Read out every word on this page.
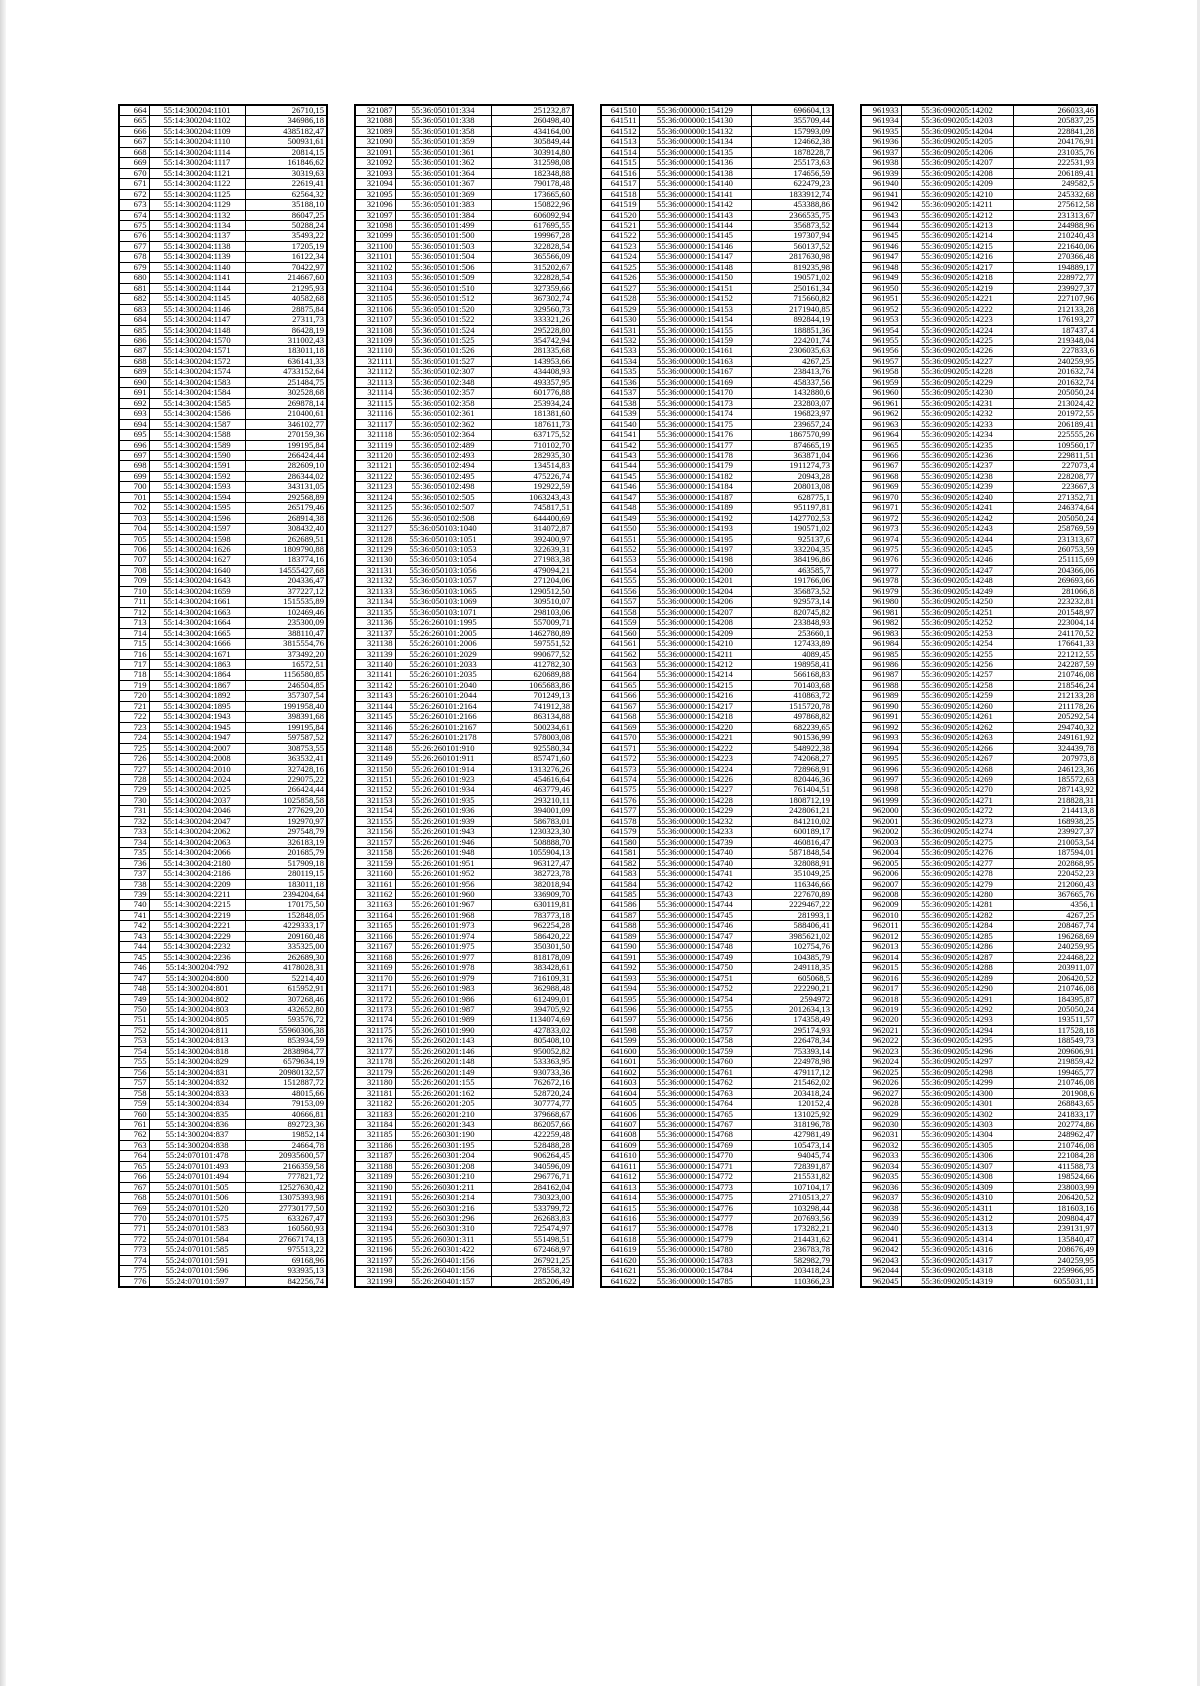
664	55:14:300204:1101	26710,15
665	55:14:300204:1102	346986,18
666	55:14:300204:1109	4385182,47
667	55:14:300204:1110	500931,61
668	55:14:300204:1114	20814,15
669	55:14:300204:1117	161846,62
670	55:14:300204:1121	30319,63
671	55:14:300204:1122	22619,41
672	55:14:300204:1125	62564,32
673	55:14:300204:1129	35188,10
674	55:14:300204:1132	86047,25
675	55:14:300204:1134	50288,24
676	55:14:300204:1137	35493,22
677	55:14:300204:1138	17205,19
678	55:14:300204:1139	16122,34
679	55:14:300204:1140	70422,97
680	55:14:300204:1141	214667,60
681	55:14:300204:1144	21295,93
682	55:14:300204:1145	40582,68
683	55:14:300204:1146	28875,84
684	55:14:300204:1147	27311,73
685	55:14:300204:1148	86428,19
686	55:14:300204:1570	311002,43
687	55:14:300204:1571	183011,18
688	55:14:300204:1572	636141,33
689	55:14:300204:1574	4733152,64
690	55:14:300204:1583	251484,75
691	55:14:300204:1584	302528,68
692	55:14:300204:1585	269878,14
693	55:14:300204:1586	210400,61
694	55:14:300204:1587	346102,77
695	55:14:300204:1588	270159,36
696	55:14:300204:1589	199195,84
697	55:14:300204:1590	266424,44
698	55:14:300204:1591	282609,10
699	55:14:300204:1592	286344,02
700	55:14:300204:1593	343131,05
701	55:14:300204:1594	292568,89
702	55:14:300204:1595	265179,46
703	55:14:300204:1596	268914,38
704	55:14:300204:1597	308432,40
705	55:14:300204:1598	262689,51
706	55:14:300204:1626	1809790,88
707	55:14:300204:1627	183774,16
708	55:14:300204:1640	14555427,68
709	55:14:300204:1643	204336,47
710	55:14:300204:1659	377227,12
711	55:14:300204:1661	1515535,89
712	55:14:300204:1663	102469,46
713	55:14:300204:1664	235300,09
714	55:14:300204:1665	388110,47
715	55:14:300204:1666	3815554,76
716	55:14:300204:1671	373492,20
717	55:14:300204:1863	16572,51
718	55:14:300204:1864	1156580,85
719	55:14:300204:1867	246504,85
720	55:14:300204:1892	357307,54
721	55:14:300204:1895	1991958,40
722	55:14:300204:1943	398391,68
723	55:14:300204:1945	199195,84
724	55:14:300204:1947	597587,52
725	55:14:300204:2007	308753,55
726	55:14:300204:2008	363532,41
727	55:14:300204:2010	327428,16
728	55:14:300204:2024	229075,22
729	55:14:300204:2025	266424,44
730	55:14:300204:2037	1025858,58
731	55:14:300204:2046	277629,20
732	55:14:300204:2047	192970,97
733	55:14:300204:2062	297548,79
734	55:14:300204:2063	326183,19
735	55:14:300204:2066	201685,79
736	55:14:300204:2180	517909,18
737	55:14:300204:2186	280119,15
738	55:14:300204:2209	183011,18
739	55:14:300204:2211	2394204,64
740	55:14:300204:2215	170175,50
741	55:14:300204:2219	152848,05
742	55:14:300204:2221	4229333,17
743	55:14:300204:2229	209160,48
744	55:14:300204:2232	335325,00
745	55:14:300204:2236	262689,30
746	55:14:300204:792	4178028,31
747	55:14:300204:800	52214,40
748	55:14:300204:801	615952,91
749	55:14:300204:802	307268,46
750	55:14:300204:803	432652,80
751	55:14:300204:805	593576,72
752	55:14:300204:811	55960306,38
753	55:14:300204:813	853934,59
754	55:14:300204:818	2838984,77
755	55:14:300204:829	6579634,19
756	55:14:300204:831	20980132,57
757	55:14:300204:832	1512887,72
758	55:14:300204:833	48015,66
759	55:14:300204:834	79153,09
760	55:14:300204:835	40666,81
761	55:14:300204:836	892723,36
762	55:14:300204:837	19852,14
763	55:14:300204:838	24664,78
764	55:24:070101:478	20935600,57
765	55:24:070101:493	2166359,58
766	55:24:070101:494	777821,72
767	55:24:070101:505	12527630,42
768	55:24:070101:506	13075393,98
769	55:24:070101:520	27730177,50
770	55:24:070101:575	633267,47
771	55:24:070101:583	160560,93
772	55:24:070101:584	27667174,13
773	55:24:070101:585	975513,22
774	55:24:070101:591	69168,96
775	55:24:070101:596	933935,13
776	55:24:070101:597	842256,74
321087	55:36:050101:334	251232,87
321088	55:36:050101:338	260498,40
321089	55:36:050101:358	434164,00
321090	55:36:050101:359	305849,44
321091	55:36:050101:361	303914,80
321092	55:36:050101:362	312598,08
321093	55:36:050101:364	182348,88
321094	55:36:050101:367	790178,48
321095	55:36:050101:369	173665,60
321096	55:36:050101:383	150822,96
321097	55:36:050101:384	606092,94
321098	55:36:050101:499	617695,55
321099	55:36:050101:500	199967,28
321100	55:36:050101:503	322828,54
321101	55:36:050101:504	365566,09
321102	55:36:050101:506	315202,67
321103	55:36:050101:509	322828,54
321104	55:36:050101:510	327359,66
321105	55:36:050101:512	367302,74
321106	55:36:050101:520	329560,73
321107	55:36:050101:522	333321,26
321108	55:36:050101:524	295228,80
321109	55:36:050101:525	354742,94
321110	55:36:050101:526	281335,68
321111	55:36:050101:527	143953,66
321112	55:36:050102:307	434408,93
321113	55:36:050102:348	493357,95
321114	55:36:050102:357	601776,88
321115	55:36:050102:358	253934,24
321116	55:36:050102:361	181381,60
321117	55:36:050102:362	187611,73
321118	55:36:050102:364	637175,52
321119	55:36:050102:489	710102,70
321120	55:36:050102:493	282935,30
321121	55:36:050102:494	134514,83
321122	55:36:050102:495	475226,74
321123	55:36:050102:498	192922,59
321124	55:36:050102:505	1063243,43
321125	55:36:050102:507	745817,51
321126	55:36:050102:508	644400,69
321127	55:36:050103:1040	314072,87
321128	55:36:050103:1051	392400,97
321129	55:36:050103:1053	322639,31
321130	55:36:050103:1054	271983,38
321131	55:36:050103:1056	479094,21
321132	55:36:050103:1057	271204,06
321133	55:36:050103:1065	1290512,50
321134	55:36:050103:1069	309510,07
321135	55:36:050103:1071	298103,06
321136	55:26:260101:1995	557009,71
321137	55:26:260101:2005	1462780,89
321138	55:26:260101:2006	597551,52
321139	55:26:260101:2029	990677,52
321140	55:26:260101:2033	412782,30
321141	55:26:260101:2035	620689,88
321142	55:26:260101:2040	1065683,86
321143	55:26:260101:2044	701249,13
321144	55:26:260101:2164	741912,38
321145	55:26:260101:2166	863134,88
321146	55:26:260101:2167	500234,61
321147	55:26:260101:2178	578003,08
321148	55:26:260101:910	925580,34
321149	55:26:260101:911	857471,60
321150	55:26:260101:914	1313276,26
321151	55:26:260101:923	454616,64
321152	55:26:260101:934	463779,46
321153	55:26:260101:935	293210,11
321154	55:26:260101:936	394001,09
321155	55:26:260101:939	586783,01
321156	55:26:260101:943	1230323,30
321157	55:26:260101:946	508888,70
321158	55:26:260101:948	1055904,13
321159	55:26:260101:951	963127,47
321160	55:26:260101:952	382723,78
321161	55:26:260101:956	382018,94
321162	55:26:260101:960	336909,70
321163	55:26:260101:967	630119,81
321164	55:26:260101:968	783773,18
321165	55:26:260101:973	962254,28
321166	55:26:260101:974	586420,22
321167	55:26:260101:975	350301,50
321168	55:26:260101:977	818178,09
321169	55:26:260101:978	383428,61
321170	55:26:260101:979	716109,31
321171	55:26:260101:983	362988,48
321172	55:26:260101:986	612499,01
321173	55:26:260101:987	394705,92
321174	55:26:260101:989	1134074,69
321175	55:26:260101:990	427833,02
321176	55:26:260201:143	805408,10
321177	55:26:260201:146	950052,82
321178	55:26:260201:148	533363,95
321179	55:26:260201:149	930733,36
321180	55:26:260201:155	762672,16
321181	55:26:260201:162	528720,24
321182	55:26:260201:205	307774,77
321183	55:26:260201:210	379668,67
321184	55:26:260201:343	862057,66
321185	55:26:260301:190	422259,48
321186	55:26:260301:195	528488,28
321187	55:26:260301:204	906264,45
321188	55:26:260301:208	340596,09
321189	55:26:260301:210	296776,71
321190	55:26:260301:211	284162,04
321191	55:26:260301:214	730323,00
321192	55:26:260301:216	533799,72
321193	55:26:260301:296	262683,83
321194	55:26:260301:310	725474,97
321195	55:26:260301:311	551498,51
321196	55:26:260301:422	672468,97
321197	55:26:260401:156	267921,25
321198	55:26:260401:156	278558,32
321199	55:26:260401:157	285206,49
641510	55:36:000000:154129	696604,13
641511	55:36:000000:154130	355709,44
641512	55:36:000000:154132	157993,09
641513	55:36:000000:154134	124662,38
641514	55:36:000000:154135	1878228,7
641515	55:36:000000:154136	255173,63
641516	55:36:000000:154138	174656,59
641517	55:36:000000:154140	622479,23
641518	55:36:000000:154141	1833912,74
641519	55:36:000000:154142	453388,86
641520	55:36:000000:154143	2366535,75
641521	55:36:000000:154144	356873,52
641522	55:36:000000:154145	197307,94
641523	55:36:000000:154146	560137,52
641524	55:36:000000:154147	2817630,98
641525	55:36:000000:154148	819235,98
641526	55:36:000000:154150	190571,02
641527	55:36:000000:154151	250161,34
641528	55:36:000000:154152	715660,82
641529	55:36:000000:154153	2171940,85
641530	55:36:000000:154154	892844,19
641531	55:36:000000:154155	188851,36
641532	55:36:000000:154159	224201,74
641533	55:36:000000:154161	2306035,63
641534	55:36:000000:154163	4267,25
641535	55:36:000000:154167	238413,76
641536	55:36:000000:154169	458337,56
641537	55:36:000000:154170	1432880,6
641538	55:36:000000:154173	232803,07
641539	55:36:000000:154174	196823,97
641540	55:36:000000:154175	239657,24
641541	55:36:000000:154176	1867570,99
641542	55:36:000000:154177	874665,19
641543	55:36:000000:154178	363871,04
641544	55:36:000000:154179	1911274,73
641545	55:36:000000:154182	20943,28
641546	55:36:000000:154184	208013,08
641547	55:36:000000:154187	628775,1
641548	55:36:000000:154189	951197,81
641549	55:36:000000:154192	1427702,53
641550	55:36:000000:154193	190571,02
641551	55:36:000000:154195	925137,6
641552	55:36:000000:154197	332204,35
641553	55:36:000000:154198	384196,86
641554	55:36:000000:154200	463585,7
641555	55:36:000000:154201	191766,06
641556	55:36:000000:154204	356873,52
641557	55:36:000000:154206	929573,14
641558	55:36:000000:154207	820745,82
641559	55:36:000000:154208	233848,93
641560	55:36:000000:154209	253660,1
641561	55:36:000000:154210	127433,89
641562	55:36:000000:154211	4089,45
641563	55:36:000000:154212	198958,41
641564	55:36:000000:154214	566168,83
641565	55:36:000000:154215	701403,68
641566	55:36:000000:154216	410863,72
641567	55:36:000000:154217	1515720,78
641568	55:36:000000:154218	497868,82
641569	55:36:000000:154220	682239,65
641570	55:36:000000:154221	901536,99
641571	55:36:000000:154222	548922,38
641572	55:36:000000:154223	742068,27
641573	55:36:000000:154224	728968,91
641574	55:36:000000:154226	820446,36
641575	55:36:000000:154227	761404,51
641576	55:36:000000:154228	1808712,19
641577	55:36:000000:154229	2428061,21
641578	55:36:000000:154232	841210,02
641579	55:36:000000:154233	600189,17
641580	55:36:000000:154739	460816,47
641581	55:36:000000:154740	5871848,54
641582	55:36:000000:154740	328088,91
641583	55:36:000000:154741	351049,25
641584	55:36:000000:154742	116346,66
641585	55:36:000000:154743	227670,89
641586	55:36:000000:154744	2229467,22
641587	55:36:000000:154745	281993,1
641588	55:36:000000:154746	588406,41
641589	55:36:000000:154747	3985621,02
641590	55:36:000000:154748	102754,76
641591	55:36:000000:154749	104385,79
641592	55:36:000000:154750	249118,35
641593	55:36:000000:154751	605068,5
641594	55:36:000000:154752	222290,21
641595	55:36:000000:154754	2594972
641596	55:36:000000:154755	2012634,13
641597	55:36:000000:154756	174358,49
641598	55:36:000000:154757	295174,93
641599	55:36:000000:154758	226478,34
641600	55:36:000000:154759	753393,14
641601	55:36:000000:154760	224978,98
641602	55:36:000000:154761	479117,12
641603	55:36:000000:154762	215462,02
641604	55:36:000000:154763	203418,24
641605	55:36:000000:154764	120152,4
641606	55:36:000000:154765	131025,92
641607	55:36:000000:154767	318196,78
641608	55:36:000000:154768	427981,49
641609	55:36:000000:154769	105473,14
641610	55:36:000000:154770	94045,74
641611	55:36:000000:154771	728391,87
641612	55:36:000000:154772	215531,82
641613	55:36:000000:154773	107104,17
641614	55:36:000000:154775	2710513,27
641615	55:36:000000:154776	103298,44
641616	55:36:000000:154777	207693,56
641617	55:36:000000:154778	173282,21
641618	55:36:000000:154779	214431,62
641619	55:36:000000:154780	236783,78
641620	55:36:000000:154783	582982,79
641621	55:36:000000:154784	203418,24
641622	55:36:000000:154785	110366,23
961933	55:36:090205:14202	266033,46
961934	55:36:090205:14203	205837,25
961935	55:36:090205:14204	228841,28
961936	55:36:090205:14205	204176,91
961937	55:36:090205:14206	231035,76
961938	55:36:090205:14207	222531,93
961939	55:36:090205:14208	206189,41
961940	55:36:090205:14209	249582,5
961941	55:36:090205:14210	245332,68
961942	55:36:090205:14211	275612,58
961943	55:36:090205:14212	231313,67
961944	55:36:090205:14213	244988,96
961945	55:36:090205:14214	210240,43
961946	55:36:090205:14215	221640,06
961947	55:36:090205:14216	270366,48
961948	55:36:090205:14217	194889,17
961949	55:36:090205:14218	228972,77
961950	55:36:090205:14219	239927,37
961951	55:36:090205:14221	227107,96
961952	55:36:090205:14222	212133,28
961953	55:36:090205:14223	176193,27
961954	55:36:090205:14224	187437,4
961955	55:36:090205:14225	219348,04
961956	55:36:090205:14226	227833,6
961957	55:36:090205:14227	240259,95
961958	55:36:090205:14228	201632,74
961959	55:36:090205:14229	201632,74
961960	55:36:090205:14230	205050,24
961961	55:36:090205:14231	213024,42
961962	55:36:090205:14232	201972,55
961963	55:36:090205:14233	206189,41
961964	55:36:090205:14234	225555,26
961965	55:36:090205:14235	109560,17
961966	55:36:090205:14236	229811,51
961967	55:36:090205:14237	227073,4
961968	55:36:090205:14238	228208,77
961969	55:36:090205:14239	223667,3
961970	55:36:090205:14240	271352,71
961971	55:36:090205:14241	246374,64
961972	55:36:090205:14242	205050,24
961973	55:36:090205:14243	258769,59
961974	55:36:090205:14244	231313,67
961975	55:36:090205:14245	260753,59
961976	55:36:090205:14246	251115,69
961977	55:36:090205:14247	204366,06
961978	55:36:090205:14248	269693,66
961979	55:36:090205:14249	281066,8
961980	55:36:090205:14250	223232,81
961981	55:36:090205:14251	201548,97
961982	55:36:090205:14252	223004,14
961983	55:36:090205:14253	241170,52
961984	55:36:090205:14254	176641,33
961985	55:36:090205:14255	221212,55
961986	55:36:090205:14256	242287,59
961987	55:36:090205:14257	210746,08
961988	55:36:090205:14258	218546,24
961989	55:36:090205:14259	212133,28
961990	55:36:090205:14260	211178,26
961991	55:36:090205:14261	205292,54
961992	55:36:090205:14262	294740,32
961993	55:36:090205:14263	249161,92
961994	55:36:090205:14266	324439,78
961995	55:36:090205:14267	207973,8
961996	55:36:090205:14268	246123,36
961997	55:36:090205:14269	185572,63
961998	55:36:090205:14270	287143,92
961999	55:36:090205:14271	218828,31
962000	55:36:090205:14272	214413,8
962001	55:36:090205:14273	168938,25
962002	55:36:090205:14274	239927,37
962003	55:36:090205:14275	210053,54
962004	55:36:090205:14276	187594,01
962005	55:36:090205:14277	202868,95
962006	55:36:090205:14278	220452,23
962007	55:36:090205:14279	212060,43
962008	55:36:090205:14280	367665,76
962009	55:36:090205:14281	4356,1
962010	55:36:090205:14282	4267,25
962011	55:36:090205:14284	208467,74
962012	55:36:090205:14285	196268,69
962013	55:36:090205:14286	240259,95
962014	55:36:090205:14287	224468,22
962015	55:36:090205:14288	203911,07
962016	55:36:090205:14289	206420,52
962017	55:36:090205:14290	210746,08
962018	55:36:090205:14291	184395,87
962019	55:36:090205:14292	205050,24
962020	55:36:090205:14293	193511,57
962021	55:36:090205:14294	117528,18
962022	55:36:090205:14295	188549,73
962023	55:36:090205:14296	209606,91
962024	55:36:090205:14297	219859,42
962025	55:36:090205:14298	199465,77
962026	55:36:090205:14299	210746,08
962027	55:36:090205:14300	201908,6
962028	55:36:090205:14301	268843,65
962029	55:36:090205:14302	241833,17
962030	55:36:090205:14303	202774,86
962031	55:36:090205:14304	248962,47
962032	55:36:090205:14305	210746,08
962033	55:36:090205:14306	221084,28
962034	55:36:090205:14307	411588,73
962035	55:36:090205:14308	198524,66
962036	55:36:090205:14309	238003,99
962037	55:36:090205:14310	206420,52
962038	55:36:090205:14311	181603,16
962039	55:36:090205:14312	209804,47
962040	55:36:090205:14313	239131,97
962041	55:36:090205:14314	135840,47
962042	55:36:090205:14316	208676,49
962043	55:36:090205:14317	240259,95
962044	55:36:090205:14318	2259966,95
962045	55:36:090205:14319	6055031,11
